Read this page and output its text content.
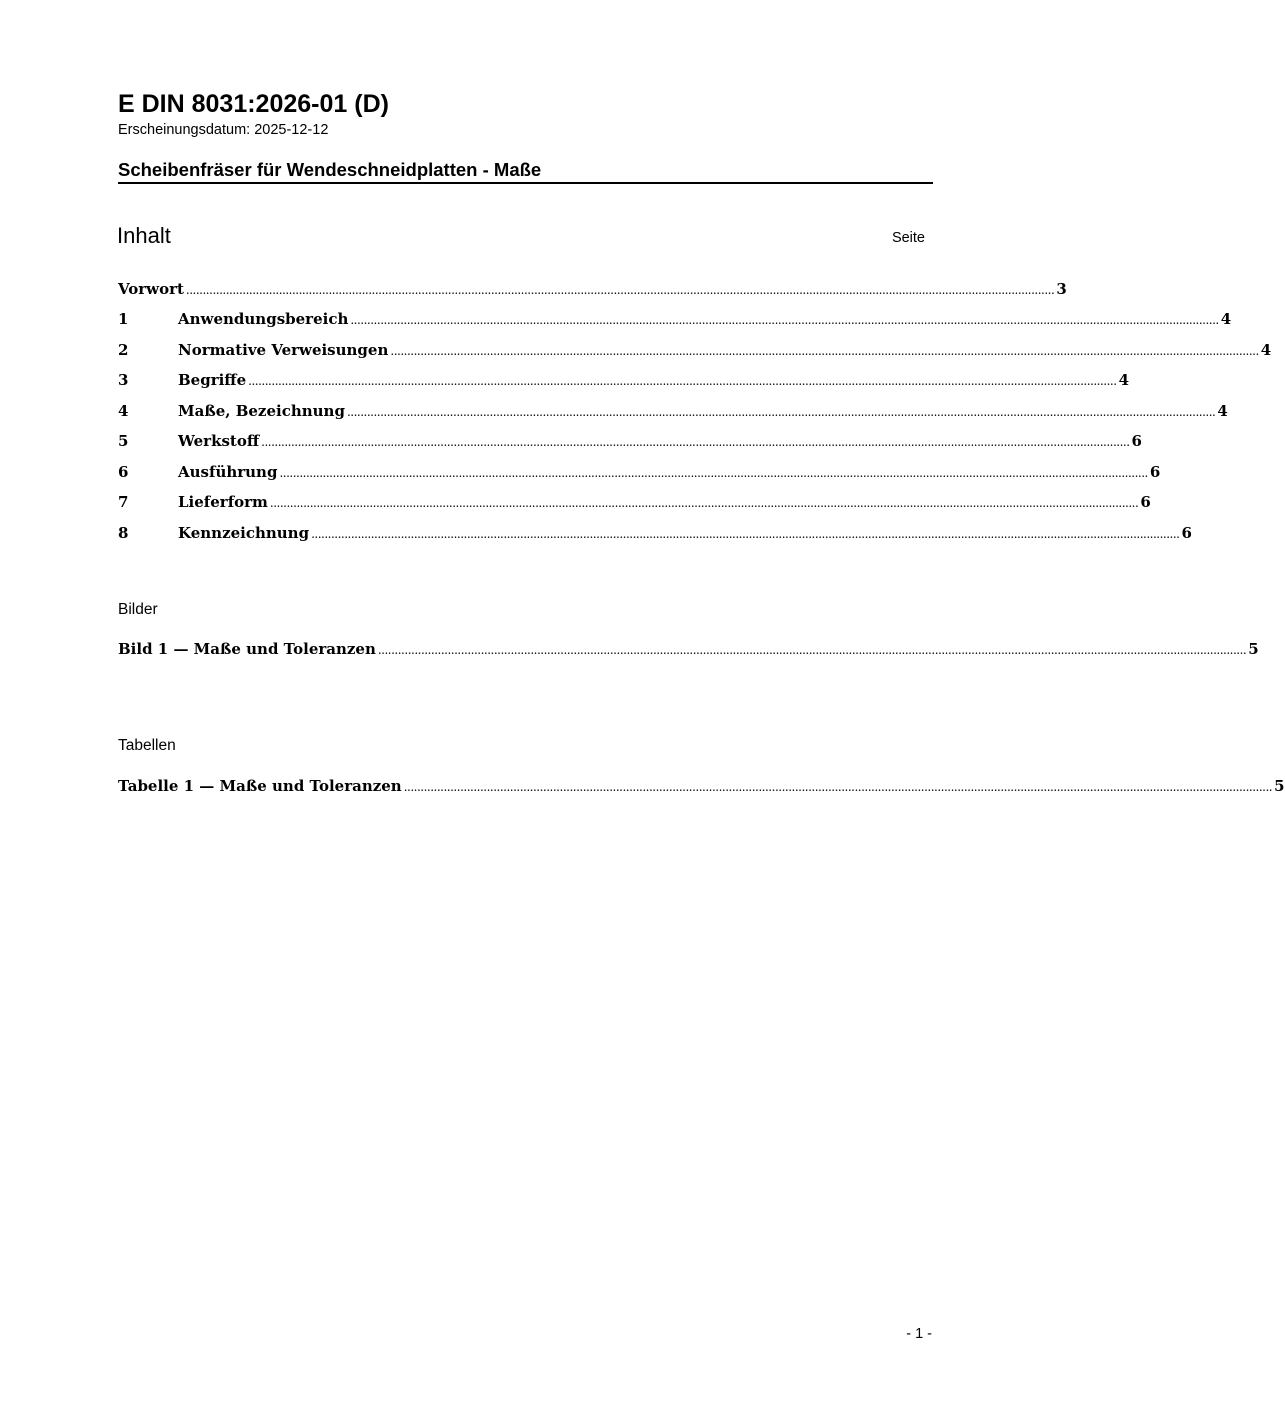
E DIN 8031:2026-01 (D)
Erscheinungsdatum: 2025-12-12
Scheibenfräser für Wendeschneidplatten - Maße
Inhalt	Seite
Vorwort ...................................................................................................................................................................................................................................................................... 3
1	Anwendungsbereich ...................................................................................................................................................................................................................................................................... 4
2	Normative Verweisungen ...................................................................................................................................................................................................................................................................... 4
3	Begriffe ...................................................................................................................................................................................................................................................................... 4
4	Maße, Bezeichnung ...................................................................................................................................................................................................................................................................... 4
5	Werkstoff ...................................................................................................................................................................................................................................................................... 6
6	Ausführung ...................................................................................................................................................................................................................................................................... 6
7	Lieferform ...................................................................................................................................................................................................................................................................... 6
8	Kennzeichnung ...................................................................................................................................................................................................................................................................... 6
Bilder
Bild 1 — Maße und Toleranzen ...................................................................................................................................................................................................................................................................... 5
Tabellen
Tabelle 1 — Maße und Toleranzen ...................................................................................................................................................................................................................................................................... 5
- 1 -
